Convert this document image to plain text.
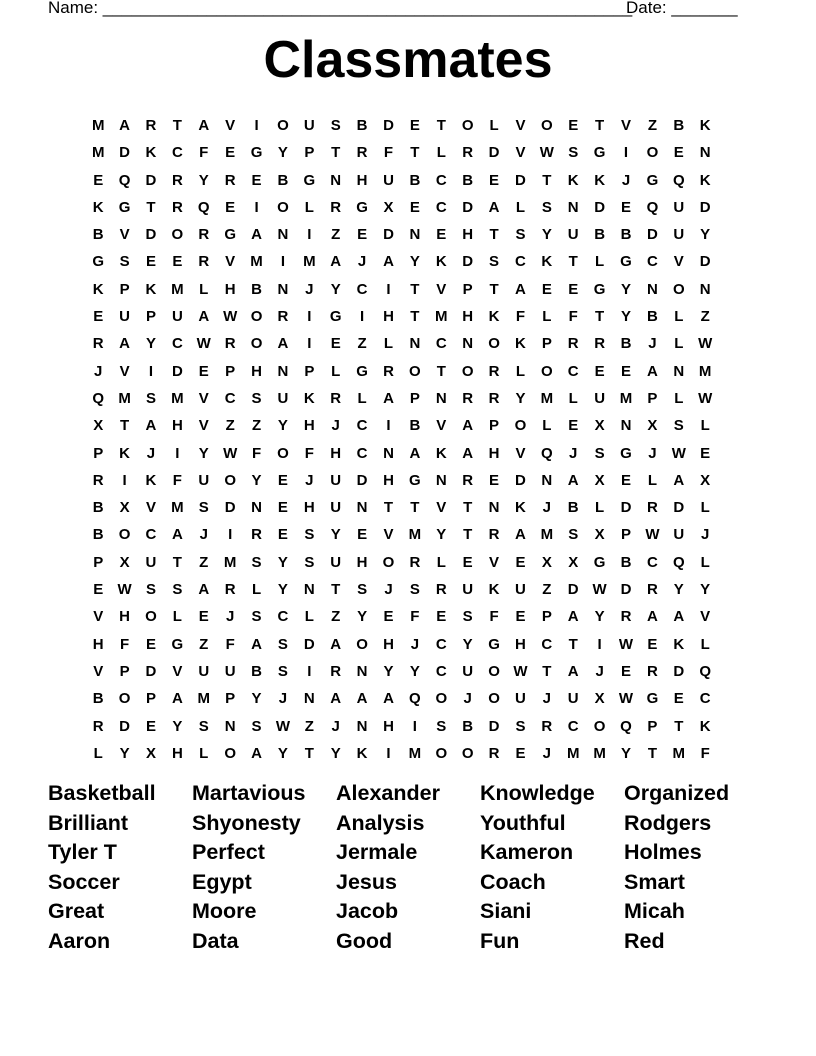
Name: ________________________________________________________
Date: _______
Classmates
M A	R	T	A	V	I	O	U	S	B	D	E	T	O	L	V	O	E	T	V	Z	B	K
M D	K	C	F	E	G	Y	P	T	R	F	T	L	R	D	V W S	G	I	O	E	N
E	Q	D	R	Y	R	E	B	G	N	H	U	B	C	B	E	D	T	K	K	J	G Q	K
K	G	T	R	Q	E	I	O	L	R	G	X	E	C	D	A	L	S	N	D	E	Q	U	D
B	V	D	O	R	G	A	N	I	Z	E	D	N	E	H	T	S	Y	U	B	B	D	U	Y
G	S	E	E	R	V	M	I	M A	J	A	Y	K	D	S	C	K	T	L	G	C	V	D
K	P	K M	L	H	B	N	J	Y	C	I	T	V	P	T	A	E	E	G	Y	N	O	N
E	U	P	U	A W O	R	I	G	I	H	T	M H	K	F	L	F	T	Y	B	L	Z
R	A	Y	C W R	O	A	I	E	Z	L	N	C	N	O	K	P	R	R	B	J	L W
J	V	I	D	E	P	H	N	P	L	G	R	O	T	O	R	L	O	C	E	E	A	N M
Q M	S	M	V	C	S	U	K	R	L	A	P	N	R	R	Y	M	L	U M	P	L W
X	T	A	H	V	Z	Z	Y	H	J	C	I	B	V	A	P	O	L	E	X	N	X	S	L
P	K	J	I	Y W F	O	F	H	C	N	A	K	A	H	V	Q	J	S	G	J	W E
R	I	K	F	U	O	Y	E	J	U	D	H	G	N	R	E	D	N	A	X	E	L	A	X
B	X	V	M	S	D	N	E	H	U	N	T	T	V	T	N	K	J	B	L	D	R	D	L
B	O	C	A	J	I	R	E	S	Y	E	V	M	Y	T	R	A M	S	X	P W U	J
P	X	U	T	Z	M	S	Y	S	U	H	O	R	L	E	V	E	X	X	G	B	C	Q	L
E W S	S	A	R	L	Y	N	T	S	J	S	R	U	K	U	Z	D W D	R	Y	Y
V	H	O	L	E	J	S	C	L	Z	Y	E	F	E	S	F	E	P	A	Y	R	A	A	V
H	F	E	G	Z	F	A	S	D	A	O	H	J	C	Y	G	H	C	T	I	W E	K	L
V	P	D	V	U	U	B	S	I	R	N	Y	Y	C	U	O W T	A	J	E	R	D	Q
B	O	P	A M	P	Y	J	N	A	A	A	Q O	J	O	U	J	U	X W G	E	C
R	D	E	Y	S	N	S W Z	J	N	H	I	S	B	D	S	R	C	O Q	P	T	K
L	Y	X	H	L	O	A	Y	T	Y	K	I	M O O	R	E	J	M M	Y	T	M	F
Basketball	Martavious	Alexander	Knowledge	Organized
Brilliant	Shyonesty	Analysis	Youthful	Rodgers
Tyler T	Perfect	Jermale	Kameron	Holmes
Soccer	Egypt	Jesus	Coach	Smart
Great	Moore	Jacob	Siani	Micah
Aaron	Data	Good	Fun	Red
